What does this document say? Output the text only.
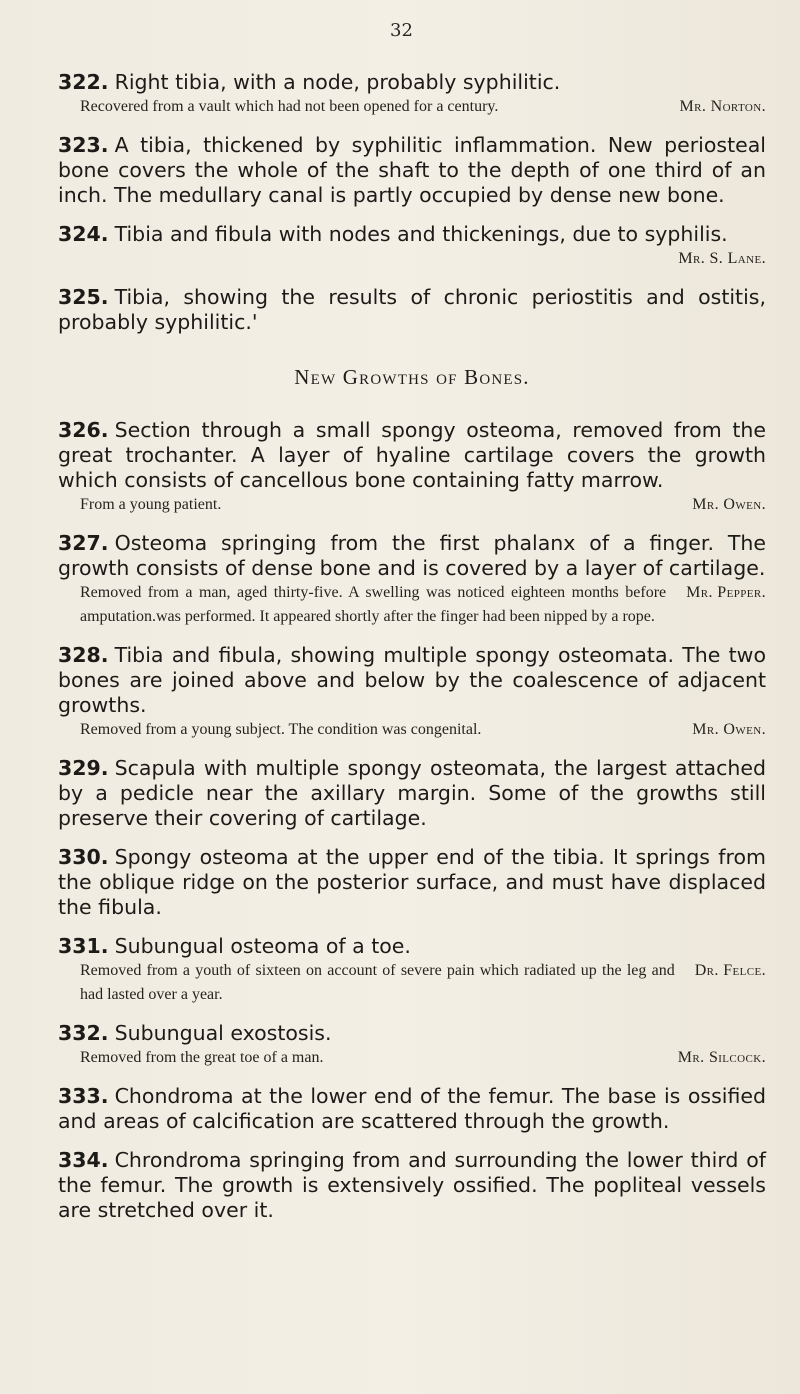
32
322. Right tibia, with a node, probably syphilitic.
Recovered from a vault which had not been opened for a century.	Mr. Norton.
323. A tibia, thickened by syphilitic inflammation. New periosteal bone covers the whole of the shaft to the depth of one third of an inch. The medullary canal is partly occupied by dense new bone.
324. Tibia and fibula with nodes and thickenings, due to syphilis.
Mr. S. Lane.
325. Tibia, showing the results of chronic periostitis and ostitis, probably syphilitic.'
New Growths of Bones.
326. Section through a small spongy osteoma, removed from the great trochanter. A layer of hyaline cartilage covers the growth which consists of cancellous bone containing fatty marrow.
From a young patient.	Mr. Owen.
327. Osteoma springing from the first phalanx of a finger. The growth consists of dense bone and is covered by a layer of cartilage.
Removed from a man, aged thirty-five. A swelling was noticed eighteen months before amputation.was performed. It appeared shortly after the finger had been nipped by a rope.
Mr. Pepper.
328. Tibia and fibula, showing multiple spongy osteomata. The two bones are joined above and below by the coalescence of adjacent growths.
Removed from a young subject. The condition was congenital.	Mr. Owen.
329. Scapula with multiple spongy osteomata, the largest attached by a pedicle near the axillary margin. Some of the growths still preserve their covering of cartilage.
330. Spongy osteoma at the upper end of the tibia. It springs from the oblique ridge on the posterior surface, and must have displaced the fibula.
331. Subungual osteoma of a toe.
Removed from a youth of sixteen on account of severe pain which radiated up the leg and had lasted over a year.
Dr. Felce.
332. Subungual exostosis.
Removed from the great toe of a man.	Mr. Silcock.
333. Chondroma at the lower end of the femur. The base is ossified and areas of calcification are scattered through the growth.
334. Chrondroma springing from and surrounding the lower third of the femur. The growth is extensively ossified. The popliteal vessels are stretched over it.
